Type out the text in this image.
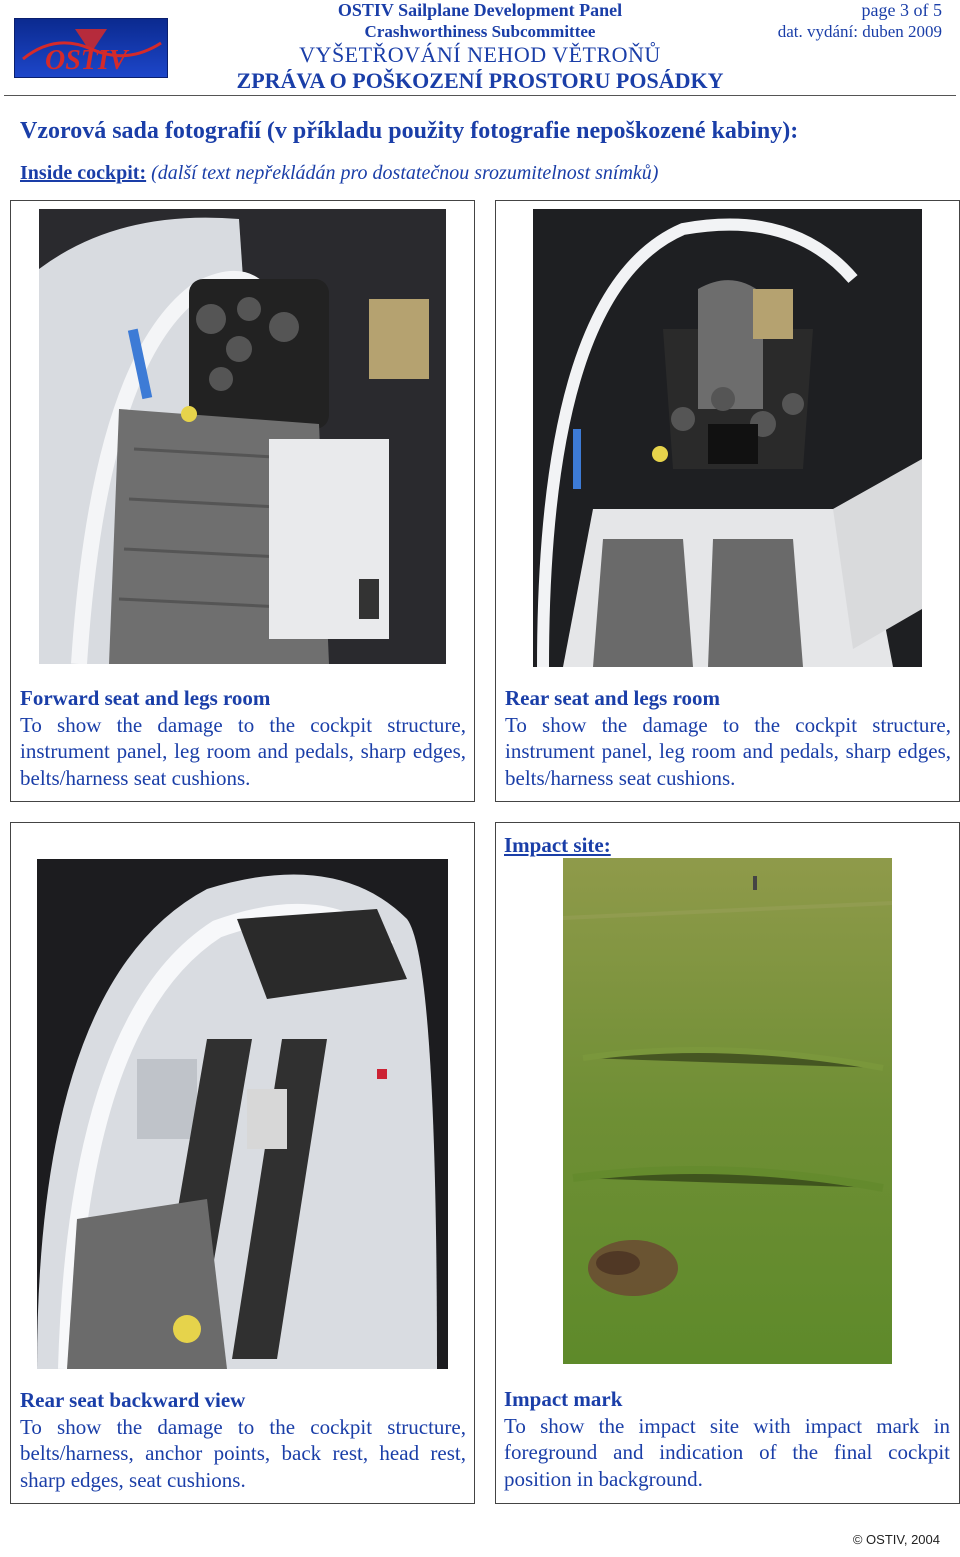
OSTIV
OSTIV Sailplane Development Panel
Crashworthiness Subcommittee
VYŠETŘOVÁNÍ NEHOD VĚTROŇŮ
ZPRÁVA O POŠKOZENÍ PROSTORU POSÁDKY
page 3 of 5
dat. vydání: duben 2009
Vzorová sada fotografií (v příkladu použity fotografie nepoškozené kabiny):
Inside cockpit: (další text nepřekládán pro dostatečnou srozumitelnost snímků)
Forward seat and legs room
To show the damage to the cockpit structure, instrument panel, leg room and pedals, sharp edges, belts/harness seat cushions.
Rear seat and legs room
To show the damage to the cockpit structure, instrument panel, leg room and pedals, sharp edges, belts/harness seat cushions.
Rear seat backward view
To show the damage to the cockpit structure, belts/harness, anchor points, back rest, head rest, sharp edges, seat cushions.
Impact site:
Impact mark
To show the impact site with impact mark in foreground and indication of the final cockpit position in background.
© OSTIV, 2004
